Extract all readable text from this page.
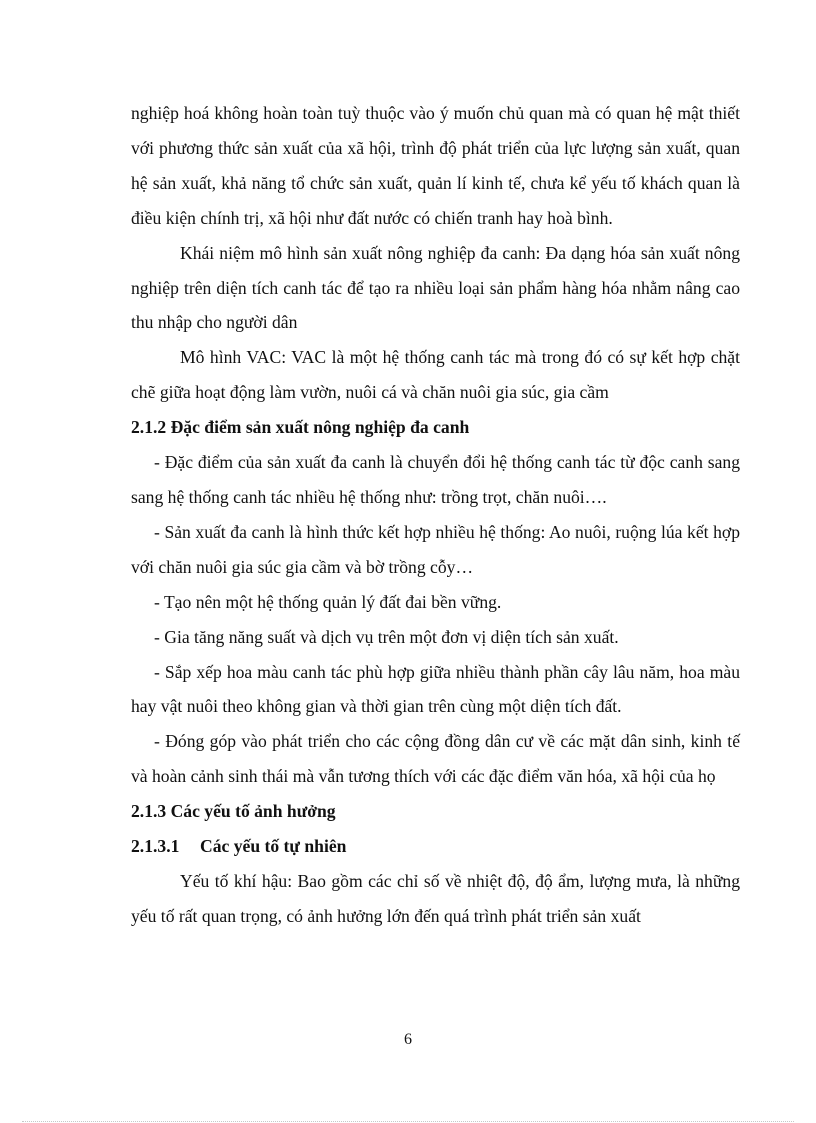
nghiệp hoá không hoàn toàn tuỳ thuộc vào ý muốn chủ quan mà có quan hệ mật thiết với phương thức sản xuất của xã hội, trình độ phát triển của lực lượng sản xuất, quan hệ sản xuất, khả năng tổ chức sản xuất, quản lí kinh tế, chưa kể yếu tố khách quan là điều kiện chính trị, xã hội như đất nước có chiến tranh hay hoà bình.

Khái niệm mô hình sản xuất nông nghiệp đa canh: Đa dạng hóa sản xuất nông nghiệp trên diện tích canh tác để tạo ra nhiều loại sản phẩm hàng hóa nhằm nâng cao thu nhập cho người dân

Mô hình VAC: VAC là một hệ thống canh tác mà trong đó có sự kết hợp chặt chẽ giữa hoạt động làm vườn, nuôi cá và chăn nuôi gia súc, gia cầm

2.1.2 Đặc điểm sản xuất nông nghiệp đa canh

- Đặc điểm của sản xuất đa canh là chuyển đổi hệ thống canh tác từ độc canh sang sang hệ thống canh tác nhiều hệ thống như: trồng trọt, chăn nuôi….

- Sản xuất đa canh là hình thức kết hợp nhiều hệ thống: Ao nuôi, ruộng lúa kết hợp với chăn nuôi gia súc gia cầm và bờ trồng cỗy…

- Tạo nên một hệ thống quản lý đất đai bền vững.

- Gia tăng năng suất và dịch vụ trên một đơn vị diện tích sản xuất.

- Sắp xếp hoa màu canh tác phù hợp giữa nhiều thành phần cây lâu năm, hoa màu hay vật nuôi theo không gian và thời gian trên cùng một diện tích đất.

- Đóng góp vào phát triển cho các cộng đồng dân cư về các mặt dân sinh, kinh tế và hoàn cảnh sinh thái mà vẫn tương thích với các đặc điểm văn hóa, xã hội của họ

2.1.3 Các yếu tố ảnh hưởng
2.1.3.1 Các yếu tố tự nhiên

Yếu tố khí hậu: Bao gồm các chỉ số về nhiệt độ, độ ẩm, lượng mưa, là những yếu tố rất quan trọng, có ảnh hưởng lớn đến quá trình phát triển sản xuất

6
